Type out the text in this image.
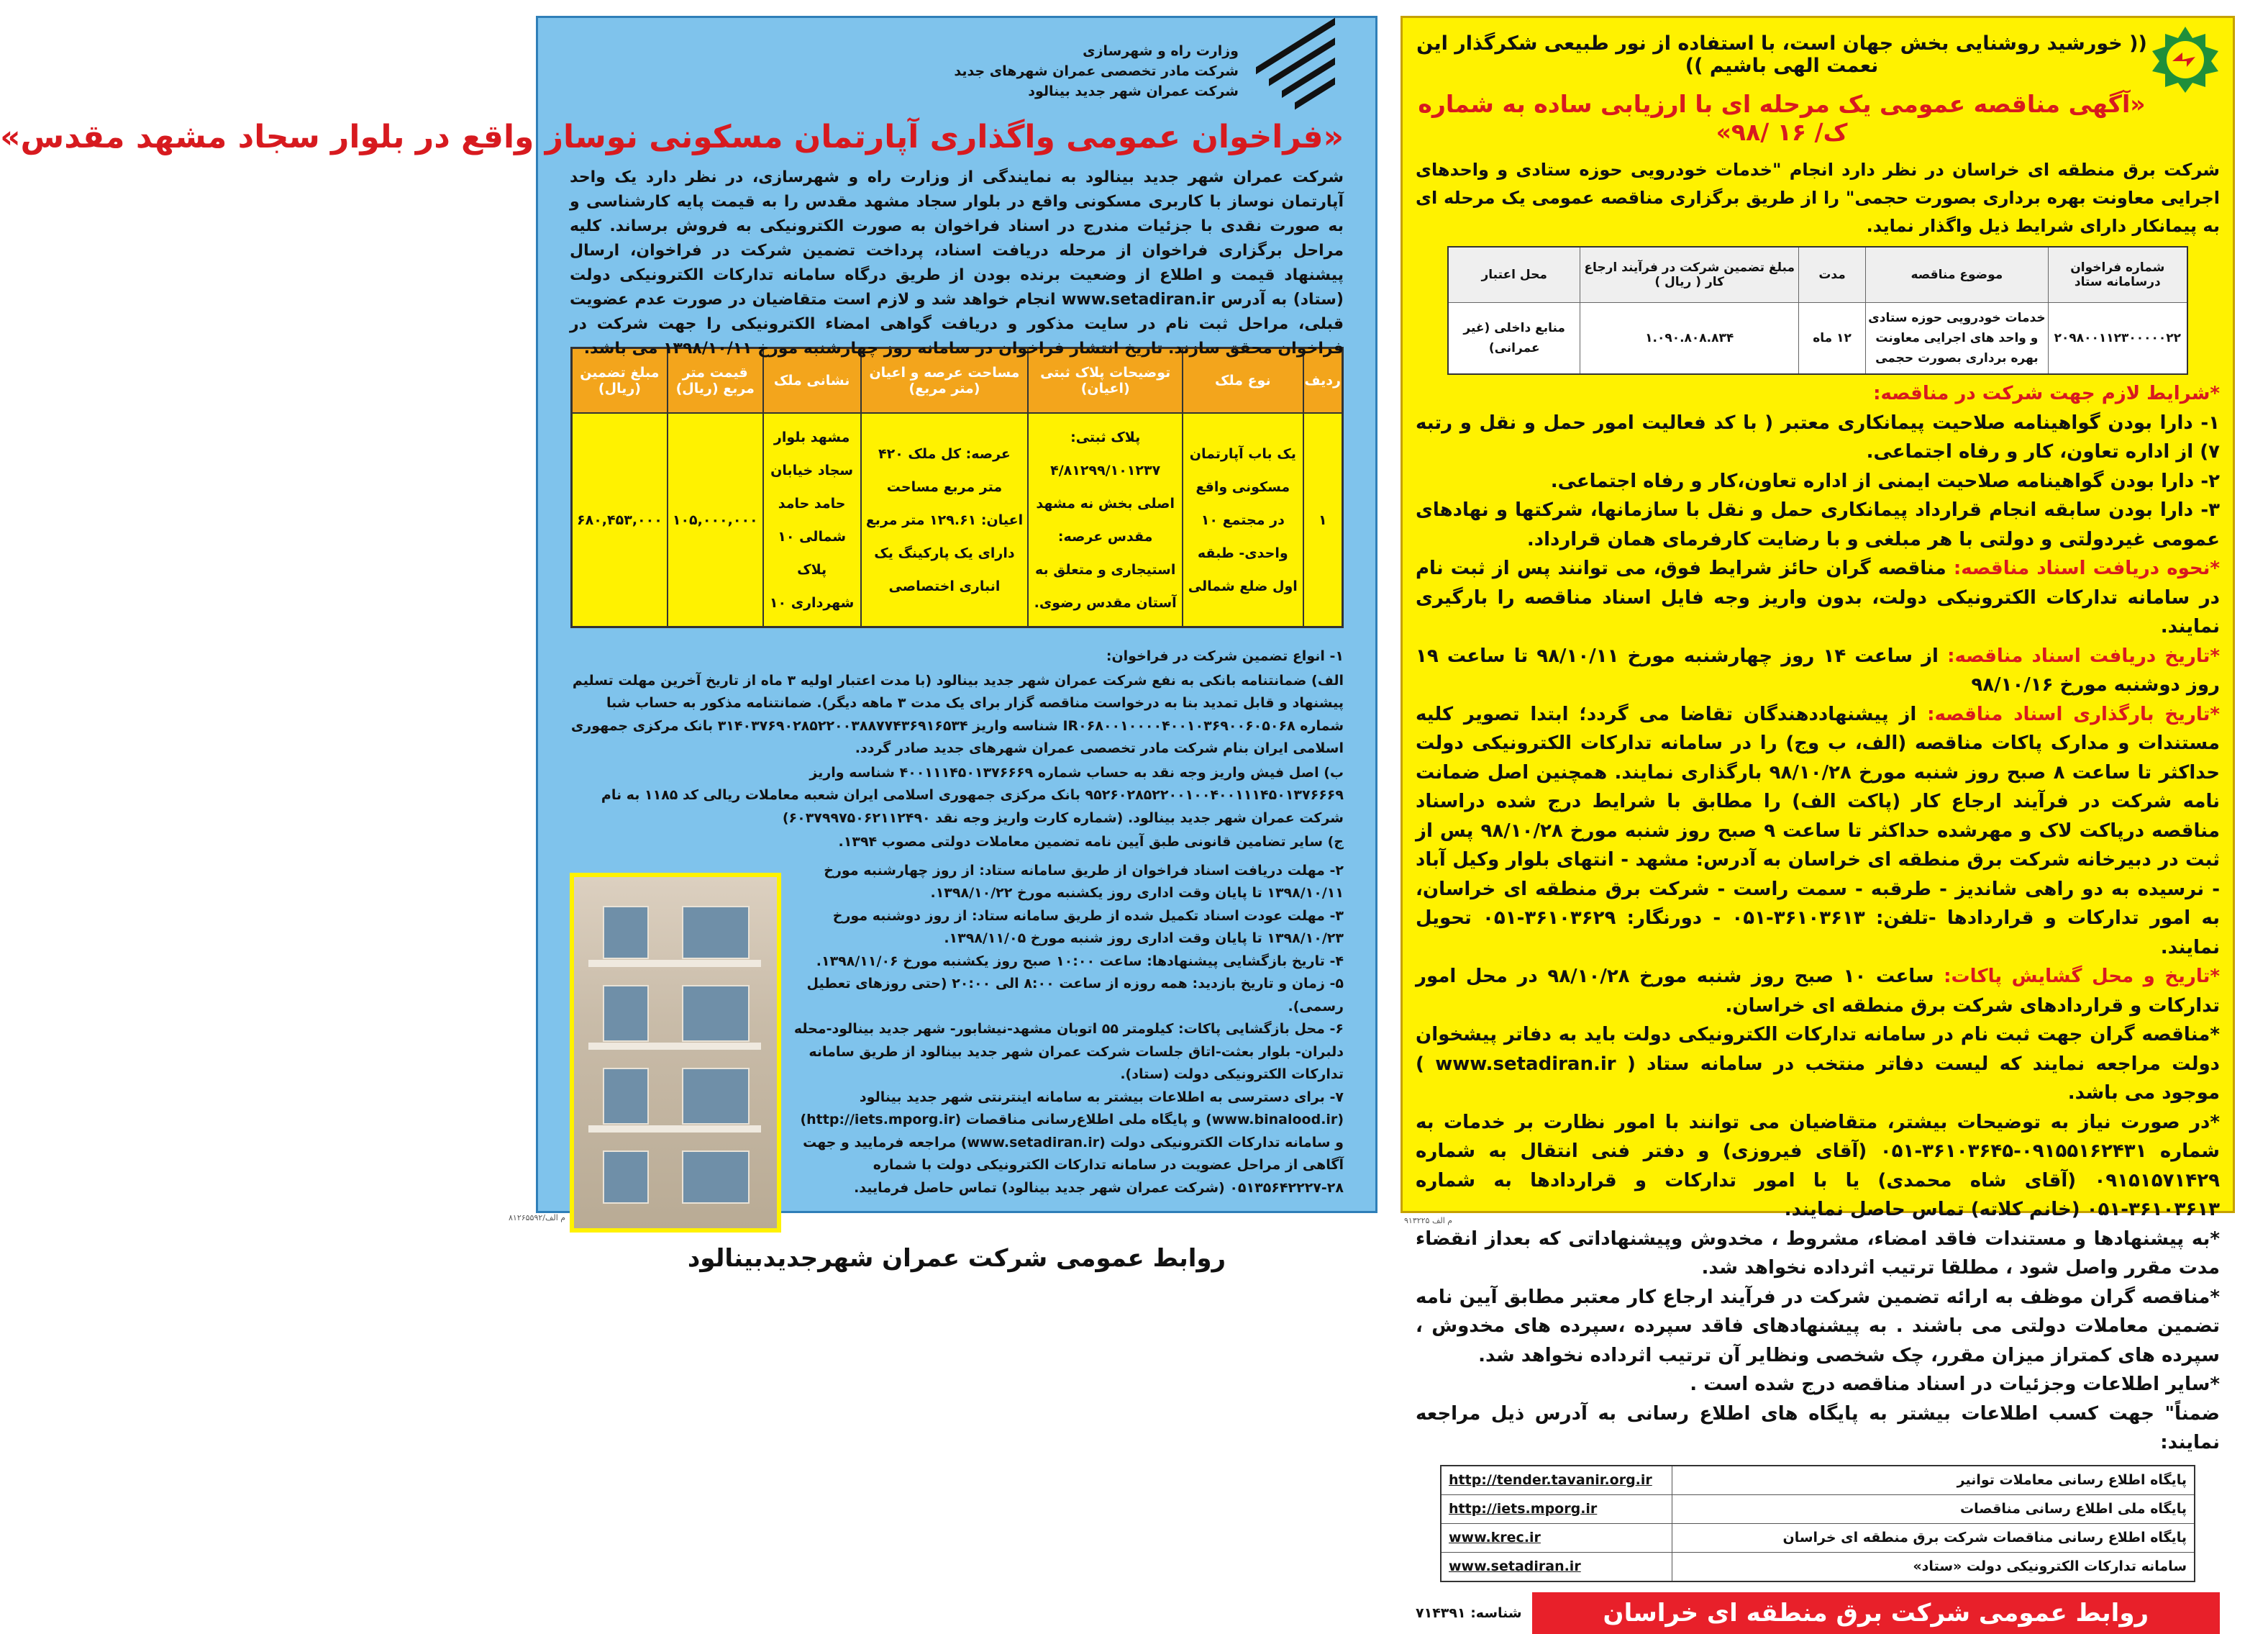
وزارت راه و شهرسازی
شرکت مادر تخصصی عمران شهرهای جدید
شرکت عمران شهر جدید بینالود
«فراخوان عمومی واگذاری آپارتمان مسکونی نوساز واقع در بلوار سجاد مشهد مقدس»
شرکت عمران شهر جدید بینالود به نمایندگی از وزارت راه و شهرسازی، در نظر دارد یک واحد آپارتمان نوساز با کاربری مسکونی واقع در بلوار سجاد مشهد مقدس را به قیمت پایه کارشناسی و به صورت نقدی با جزئیات مندرج در اسناد فراخوان به صورت الکترونیکی به فروش برساند. کلیه مراحل برگزاری فراخوان از مرحله دریافت اسناد، پرداخت تضمین شرکت در فراخوان، ارسال پیشنهاد قیمت و اطلاع از وضعیت برنده بودن از طریق درگاه سامانه تدارکات الکترونیکی دولت (ستاد) به آدرس www.setadiran.ir انجام خواهد شد و لازم است متقاضیان در صورت عدم عضویت قبلی، مراحل ثبت نام در سایت مذکور و دریافت گواهی امضاء الکترونیکی را جهت شرکت در فراخوان محقق سازند. تاریخ انتشار فراخوان در سامانه روز چهارشنبه مورخ ۱۳۹۸/۱۰/۱۱ می باشد.
ردیف	نوع ملک	توضیحات پلاک ثبتی (اعیان)	مساحت عرصه و اعیان (متر مربع)	نشانی ملک	قیمت متر مربع (ریال)	مبلغ تضمین (ریال)
۱	یک باب آپارتمان مسکونی واقع در مجتمع ۱۰ واحدی- طبقه اول ضلع شمالی	پلاک ثبتی: ۴/۸۱۲۹۹/۱۰۱۲۳۷ اصلی بخش نه مشهد مقدس عرصه: استیجاری و متعلق به آستان مقدس رضوی.	عرصه: کل ملک ۴۲۰ متر مربع مساحت اعیان: ۱۲۹.۶۱ متر مربع دارای یک پارکینگ یک انباری اختصاصی	مشهد بلوار سجاد خیابان حامد حامد شمالی ۱۰ پلاک شهرداری ۱۰	۱۰۵,۰۰۰,۰۰۰	۶۸۰,۴۵۳,۰۰۰
۱- انواع تضمین شرکت در فراخوان:
الف) ضمانتنامه بانکی به نفع شرکت عمران شهر جدید بینالود (با مدت اعتبار اولیه ۳ ماه از تاریخ آخرین مهلت تسلیم پیشنهاد و قابل تمدید بنا به درخواست مناقصه گزار برای یک مدت ۳ ماهه دیگر). ضمانتنامه مذکور به حساب شبا شماره IR۰۶۸۰۰۱۰۰۰۰۴۰۰۱۰۳۶۹۰۰۶۰۵۰۶۸ شناسه واریز ۳۱۴۰۳۷۶۹۰۲۸۵۲۲۰۰۳۸۸۷۷۴۳۶۹۱۶۵۳۴ بانک مرکزی جمهوری اسلامی ایران بنام شرکت مادر تخصصی عمران شهرهای جدید صادر گردد.
ب) اصل فیش واریز وجه نقد به حساب شماره ۴۰۰۱۱۱۴۵۰۱۳۷۶۶۶۹ شناسه واریز ۹۵۲۶۰۲۸۵۲۲۰۰۱۰۰۴۰۰۱۱۱۴۵۰۱۳۷۶۶۶۹ بانک مرکزی جمهوری اسلامی ایران شعبه معاملات ریالی کد ۱۱۸۵ به نام شرکت عمران شهر جدید بینالود. (شماره کارت واریز وجه نقد ۶۰۳۷۹۹۷۵۰۶۲۱۱۲۴۹۰)
ج) سایر تضامین قانونی طبق آیین نامه تضمین معاملات دولتی مصوب ۱۳۹۴.
۲- مهلت دریافت اسناد فراخوان از طریق سامانه ستاد: از روز چهارشنبه مورخ ۱۳۹۸/۱۰/۱۱ تا پایان وقت اداری روز یکشنبه مورخ ۱۳۹۸/۱۰/۲۲.
۳- مهلت عودت اسناد تکمیل شده از طریق سامانه ستاد: از روز دوشنبه مورخ ۱۳۹۸/۱۰/۲۳ تا پایان وقت اداری روز شنبه مورخ ۱۳۹۸/۱۱/۰۵.
۴- تاریخ بازگشایی پیشنهادها: ساعت ۱۰:۰۰ صبح روز یکشنبه مورخ ۱۳۹۸/۱۱/۰۶.
۵- زمان و تاریخ بازدید: همه روزه از ساعت ۸:۰۰ الی ۲۰:۰۰ (حتی روزهای تعطیل رسمی).
۶- محل بازگشایی پاکات: کیلومتر ۵۵ اتوبان مشهد-نیشابور- شهر جدید بینالود-محله دلبران- بلوار بعثت-اتاق جلسات شرکت عمران شهر جدید بینالود از طریق سامانه تدارکات الکترونیکی دولت (ستاد).
۷- برای دسترسی به اطلاعات بیشتر به سامانه اینترنتی شهر جدید بینالود (www.binalood.ir) و پایگاه ملی اطلاع‌رسانی مناقصات (http://iets.mporg.ir) و سامانه تدارکات الکترونیکی دولت (www.setadiran.ir) مراجعه فرمایید و جهت آگاهی از مراحل عضویت در سامانه تدارکات الکترونیکی دولت با شماره ۲۸-۰۵۱۳۵۶۴۲۲۲۷ (شرکت عمران شهر جدید بینالود) تماس حاصل فرمایید.
روابط عمومی شرکت عمران شهرجدیدبینالود
(( خورشید روشنایی بخش جهان است، با استفاده از نور طبیعی شکرگذار این نعمت الهی باشیم ))
«آگهی مناقصه عمومی یک مرحله ای با ارزیابی ساده به شماره ک/ ۱۶ /۹۸»
شرکت برق منطقه ای خراسان در نظر دارد انجام "خدمات خودرویی حوزه ستادی و واحدهای اجرایی معاونت بهره برداری بصورت حجمی" را از طریق برگزاری مناقصه عمومی یک مرحله ای به پیمانکار دارای شرایط ذیل واگذار نماید.
شماره فراخوان درسامانه ستاد	موضوع مناقصه	مدت	مبلغ تضمین شرکت در فرآیند ارجاع کار ( ریال )	محل اعتبار
۲۰۹۸۰۰۱۱۲۳۰۰۰۰۰۲۲	خدمات خودرویی حوزه ستادی و واحد های اجرایی معاونت بهره برداری بصورت حجمی	۱۲ ماه	۱.۰۹۰.۸۰۸.۸۳۴	منابع داخلی (غیر عمرانی)
*شرایط لازم جهت شرکت در مناقصه:
۱- دارا بودن گواهینامه صلاحیت پیمانکاری معتبر ( با کد فعالیت امور حمل و نقل و رتبه ۷) از اداره تعاون، کار و رفاه اجتماعی.
۲- دارا بودن گواهینامه صلاحیت ایمنی از اداره تعاون،کار و رفاه اجتماعی.
۳- دارا بودن سابقه انجام قرارداد پیمانکاری حمل و نقل با سازمانها، شرکتها و نهادهای عمومی غیردولتی و دولتی با هر مبلغی و با رضایت کارفرمای همان قرارداد.
*نحوه دریافت اسناد مناقصه: مناقصه گران حائز شرایط فوق، می توانند پس از ثبت نام در سامانه تدارکات الکترونیکی دولت، بدون واریز وجه فایل اسناد مناقصه را بارگیری نمایند.
*تاریخ دریافت اسناد مناقصه: از ساعت ۱۴ روز چهارشنبه مورخ ۹۸/۱۰/۱۱ تا ساعت ۱۹ روز دوشنبه مورخ ۹۸/۱۰/۱۶
*تاریخ بارگذاری اسناد مناقصه: از پیشنهاددهندگان تقاضا می گردد؛ ابتدا تصویر کلیه مستندات و مدارک پاکات مناقصه (الف، ب وج) را در سامانه تدارکات الکترونیکی دولت حداکثر تا ساعت ۸ صبح روز شنبه مورخ ۹۸/۱۰/۲۸ بارگذاری نمایند. همچنین اصل ضمانت نامه شرکت در فرآیند ارجاع کار (پاکت الف) را مطابق با شرایط درج شده دراسناد مناقصه درپاکت لاک و مهرشده حداکثر تا ساعت ۹ صبح روز شنبه مورخ ۹۸/۱۰/۲۸ پس از ثبت در دبیرخانه شرکت برق منطقه ای خراسان به آدرس: مشهد - انتهای بلوار وکیل آباد - نرسیده به دو راهی شاندیز - طرقبه - سمت راست - شرکت برق منطقه ای خراسان، به امور تدارکات و قراردادها -تلفن: ۳۶۱۰۳۶۱۳-۰۵۱ - دورنگار: ۳۶۱۰۳۶۲۹-۰۵۱ تحویل نمایند.
*تاریخ و محل گشایش پاکات: ساعت ۱۰ صبح روز شنبه مورخ ۹۸/۱۰/۲۸ در محل امور تدارکات و قراردادهای شرکت برق منطقه ای خراسان.
*مناقصه گران جهت ثبت نام در سامانه تدارکات الکترونیکی دولت باید به دفاتر پیشخوان دولت مراجعه نمایند که لیست دفاتر منتخب در سامانه ستاد ( www.setadiran.ir ) موجود می باشد.
*در صورت نیاز به توضیحات بیشتر، متقاضیان می توانند با امور نظارت بر خدمات به شماره ۰۹۱۵۵۱۶۲۴۳۱-۳۶۱۰۳۶۴۵-۰۵۱ (آقای فیروزی) و دفتر فنی انتقال به شماره ۰۹۱۵۱۵۷۱۴۲۹ (آقای شاه محمدی) یا با امور تدارکات و قراردادها به شماره ۳۶۱۰۳۶۱۳-۰۵۱ (خانم کلاته) تماس حاصل نمایند.
*به پیشنهادها و مستندات فاقد امضاء، مشروط ، مخدوش وپیشنهاداتی که بعداز انقضاء مدت مقرر واصل شود ، مطلقا ترتیب اثرداده نخواهد شد.
*مناقصه گران موظف به ارائه تضمین شرکت در فرآیند ارجاع کار معتبر مطابق آیین نامه تضمین معاملات دولتی می باشند . به پیشنهادهای فاقد سپرده ،سپرده های مخدوش ، سپرده های کمتراز میزان مقرر، چک شخصی ونظایر آن ترتیب اثرداده نخواهد شد.
*سایر اطلاعات وجزئیات در اسناد مناقصه درج شده است .
ضمناً" جهت کسب اطلاعات بیشتر به پایگاه های اطلاع رسانی به آدرس ذیل مراجعه نمایند:
پایگاه اطلاع رسانی معاملات توانیر	http://tender.tavanir.org.ir
پایگاه ملی اطلاع رسانی مناقصات	http://iets.mporg.ir
پایگاه اطلاع رسانی مناقصات شرکت برق منطقه ای خراسان	www.krec.ir
سامانه تدارکات الکترونیکی دولت «ستاد»	www.setadiran.ir
روابط عمومی شرکت برق منطقه ای خراسان
شناسه: ۷۱۴۳۹۱
۸۱۲۶۵۵۹۲/م الف	۹۱۳۲۲۵ م الف
